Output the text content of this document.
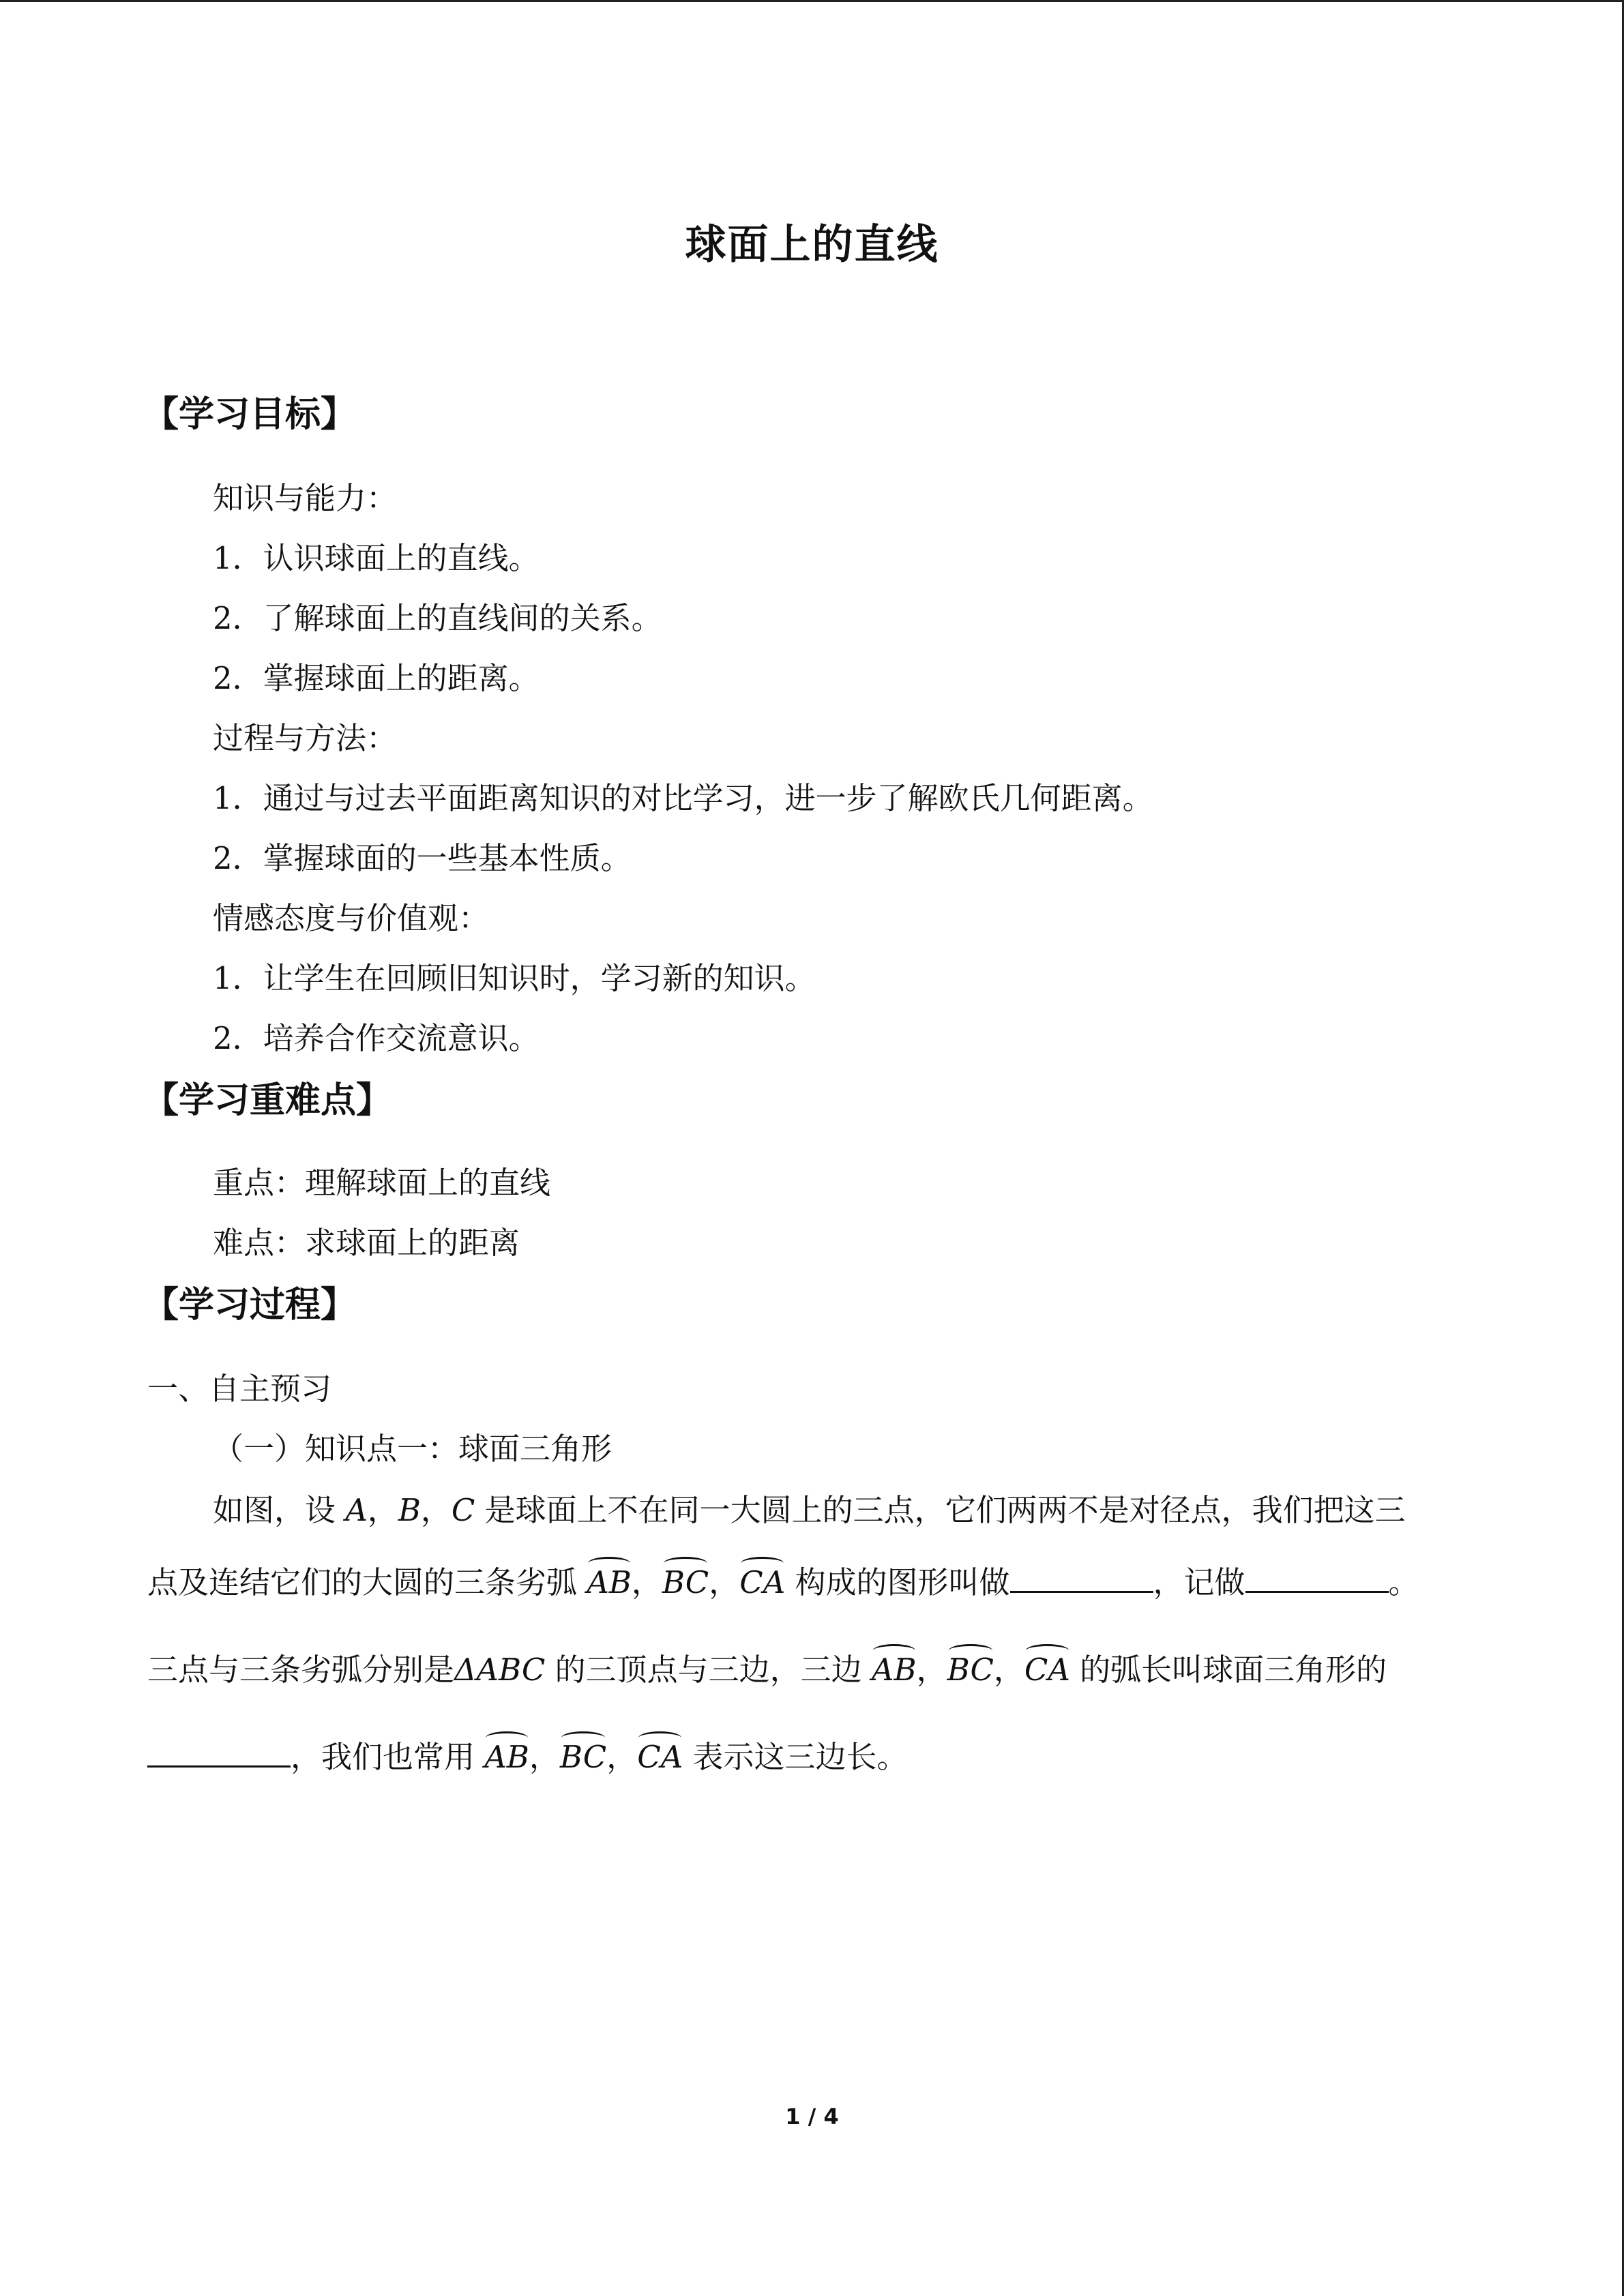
球面上的直线
【学习目标】
知识与能力：
1．认识球面上的直线。
2．了解球面上的直线间的关系。
2．掌握球面上的距离。
过程与方法：
1．通过与过去平面距离知识的对比学习，进一步了解欧氏几何距离。
2．掌握球面的一些基本性质。
情感态度与价值观：
1．让学生在回顾旧知识时，学习新的知识。
2．培养合作交流意识。
【学习重难点】
重点：理解球面上的直线
难点：求球面上的距离
【学习过程】
一、自主预习
（一）知识点一：球面三角形
如图，设 A，B，C 是球面上不在同一大圆上的三点，它们两两不是对径点，我们把这三
点及连结它们的大圆的三条劣弧 AB，BC，CA 构成的图形叫做	，记做	。
三点与三条劣弧分别是ΔABC 的三顶点与三边，三边 AB，BC，CA 的弧长叫球面三角形的
，我们也常用 AB，BC，CA 表示这三边长。
1 / 4
